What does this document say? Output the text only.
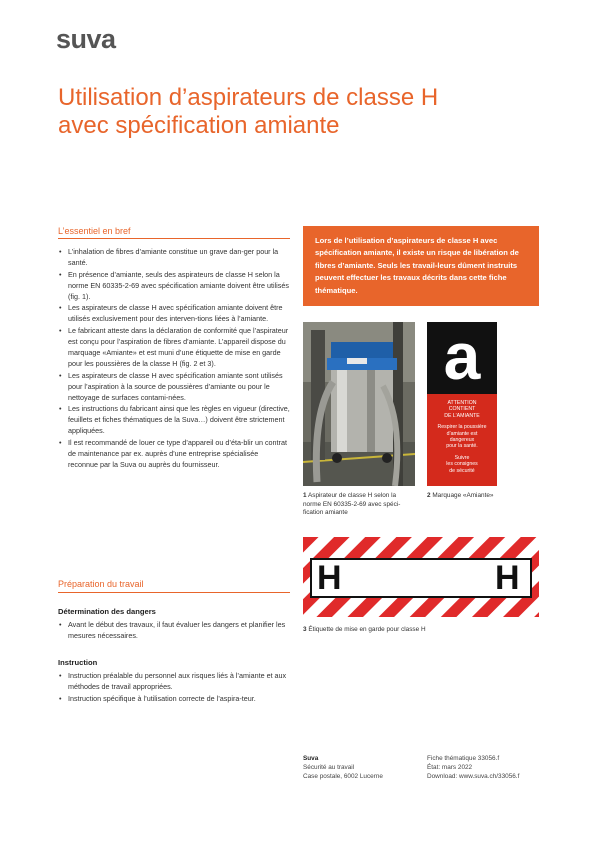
suva
Utilisation d’aspirateurs de classe H
avec spécification amiante
L’essentiel en bref
• L’inhalation de fibres d’amiante constitue un grave dan-ger pour la santé.
• En présence d’amiante, seuls des aspirateurs de classe H selon la norme EN 60335-2-69 avec spécification amiante doivent être utilisés (fig. 1).
• Les aspirateurs de classe H avec spécification amiante doivent être utilisés exclusivement pour des interven-tions liées à l’amiante.
• Le fabricant atteste dans la déclaration de conformité que l’aspirateur est conçu pour l’aspiration de fibres d’amiante. L’appareil dispose du marquage «Amiante» et est muni d’une étiquette de mise en garde pour les poussières de la classe H (fig. 2 et 3).
• Les aspirateurs de classe H avec spécification amiante sont utilisés pour l’aspiration à la source de poussières d’amiante ou pour le nettoyage de surfaces contami-nées.
• Les instructions du fabricant ainsi que les règles en vigueur (directive, feuillets et fiches thématiques de la Suva…) doivent être strictement appliquées.
• Il est recommandé de louer ce type d’appareil ou d’éta-blir un contrat de maintenance par ex. auprès d’une entreprise spécialisée reconnue par la Suva ou auprès du fournisseur.
Préparation du travail
Détermination des dangers
• Avant le début des travaux, il faut évaluer les dangers et planifier les mesures nécessaires.
Instruction
• Instruction préalable du personnel aux risques liés à l’amiante et aux méthodes de travail appropriées.
• Instruction spécifique à l’utilisation correcte de l’aspira-teur.
Lors de l’utilisation d’aspirateurs de classe H avec spécification amiante, il existe un risque de libération de fibres d’amiante. Seuls les travail-leurs dûment instruits peuvent effectuer les travaux décrits dans cette fiche thématique.
a
ATTENTION
CONTIENT
DE L’AMIANTE
Respirer la poussière
d’amiante est
dangereux
pour la santé.
Suivre
les consignes
de sécurité
1 Aspirateur de classe H selon la norme EN 60335-2-69 avec spéci-fication amiante
2 Marquage «Amiante»
H	H
3 Étiquette de mise en garde pour classe H
Suva
Sécurité au travail
Case postale, 6002 Lucerne
Fiche thématique 33056.f
État: mars 2022
Download: www.suva.ch/33056.f
